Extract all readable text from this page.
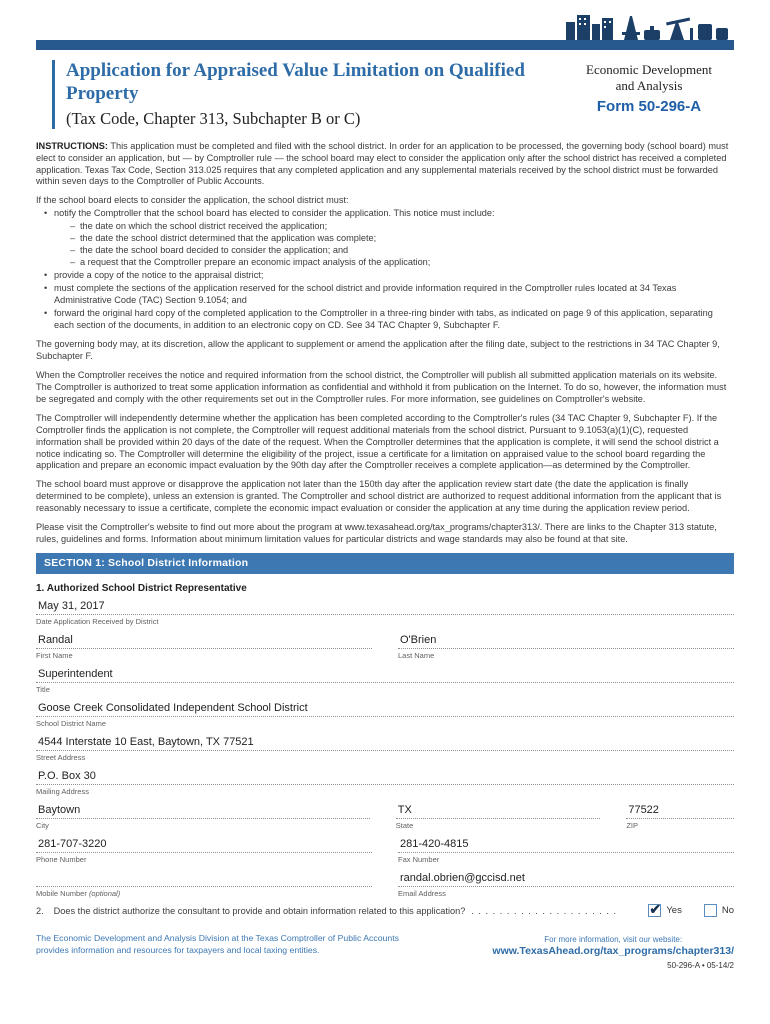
Application for Appraised Value Limitation on Qualified Property
(Tax Code, Chapter 313, Subchapter B or C)
Economic Development
and Analysis
Form 50-296-A

INSTRUCTIONS: This application must be completed and filed with the school district. In order for an application to be processed, the governing body (school board) must elect to consider an application, but — by Comptroller rule — the school board may elect to consider the application only after the school district has received a completed application. Texas Tax Code, Section 313.025 requires that any completed application and any supplemental materials received by the school district must be forwarded within seven days to the Comptroller of Public Accounts.

If the school board elects to consider the application, the school district must:

• notify the Comptroller that the school board has elected to consider the application. This notice must include:
– the date on which the school district received the application;
– the date the school district determined that the application was complete;
– the date the school board decided to consider the application; and
– a request that the Comptroller prepare an economic impact analysis of the application;
• provide a copy of the notice to the appraisal district;
• must complete the sections of the application reserved for the school district and provide information required in the Comptroller rules located at 34 Texas Administrative Code (TAC) Section 9.1054; and
• forward the original hard copy of the completed application to the Comptroller in a three-ring binder with tabs, as indicated on page 9 of this application, separating each section of the documents, in addition to an electronic copy on CD. See 34 TAC Chapter 9, Subchapter F.

The governing body may, at its discretion, allow the applicant to supplement or amend the application after the filing date, subject to the restrictions in 34 TAC Chapter 9, Subchapter F.

When the Comptroller receives the notice and required information from the school district, the Comptroller will publish all submitted application materials on its website. The Comptroller is authorized to treat some application information as confidential and withhold it from publication on the Internet. To do so, however, the information must be segregated and comply with the other requirements set out in the Comptroller rules. For more information, see guidelines on Comptroller's website.

The Comptroller will independently determine whether the application has been completed according to the Comptroller's rules (34 TAC Chapter 9, Subchapter F). If the Comptroller finds the application is not complete, the Comptroller will request additional materials from the school district. Pursuant to 9.1053(a)(1)(C), requested information shall be provided within 20 days of the date of the request. When the Comptroller determines that the application is complete, it will send the school district a notice indicating so. The Comptroller will determine the eligibility of the project, issue a certificate for a limitation on appraised value to the school board regarding the application and prepare an economic impact evaluation by the 90th day after the Comptroller receives a complete application—as determined by the Comptroller.

The school board must approve or disapprove the application not later than the 150th day after the application review start date (the date the application is finally determined to be complete), unless an extension is granted. The Comptroller and school district are authorized to request additional information from the applicant that is reasonably necessary to issue a certificate, complete the economic impact evaluation or consider the application at any time during the application review period.

Please visit the Comptroller's website to find out more about the program at www.texasahead.org/tax_programs/chapter313/. There are links to the Chapter 313 statute, rules, guidelines and forms. Information about minimum limitation values for particular districts and wage standards may also be found at that site.

SECTION 1: School District Information
1. Authorized School District Representative
May 31, 2017
Date Application Received by District
Randal
First Name
O'Brien
Last Name
Superintendent
Title
Goose Creek Consolidated Independent School District
School District Name
4544 Interstate 10 East, Baytown, TX 77521
Street Address
P.O. Box 30
Mailing Address
Baytown
City
TX
State
77522
ZIP
281-707-3220
Phone Number
281-420-4815
Fax Number
Mobile Number (optional)
randal.obrien@gccisd.net
Email Address
2. Does the district authorize the consultant to provide and obtain information related to this application? . . . . . . . . . . . . . . . . . . . . .	✔ Yes	No
The Economic Development and Analysis Division at the Texas Comptroller of Public Accounts provides information and resources for taxpayers and local taxing entities.
For more information, visit our website:
www.TexasAhead.org/tax_programs/chapter313/
50-296-A • 05-14/2
